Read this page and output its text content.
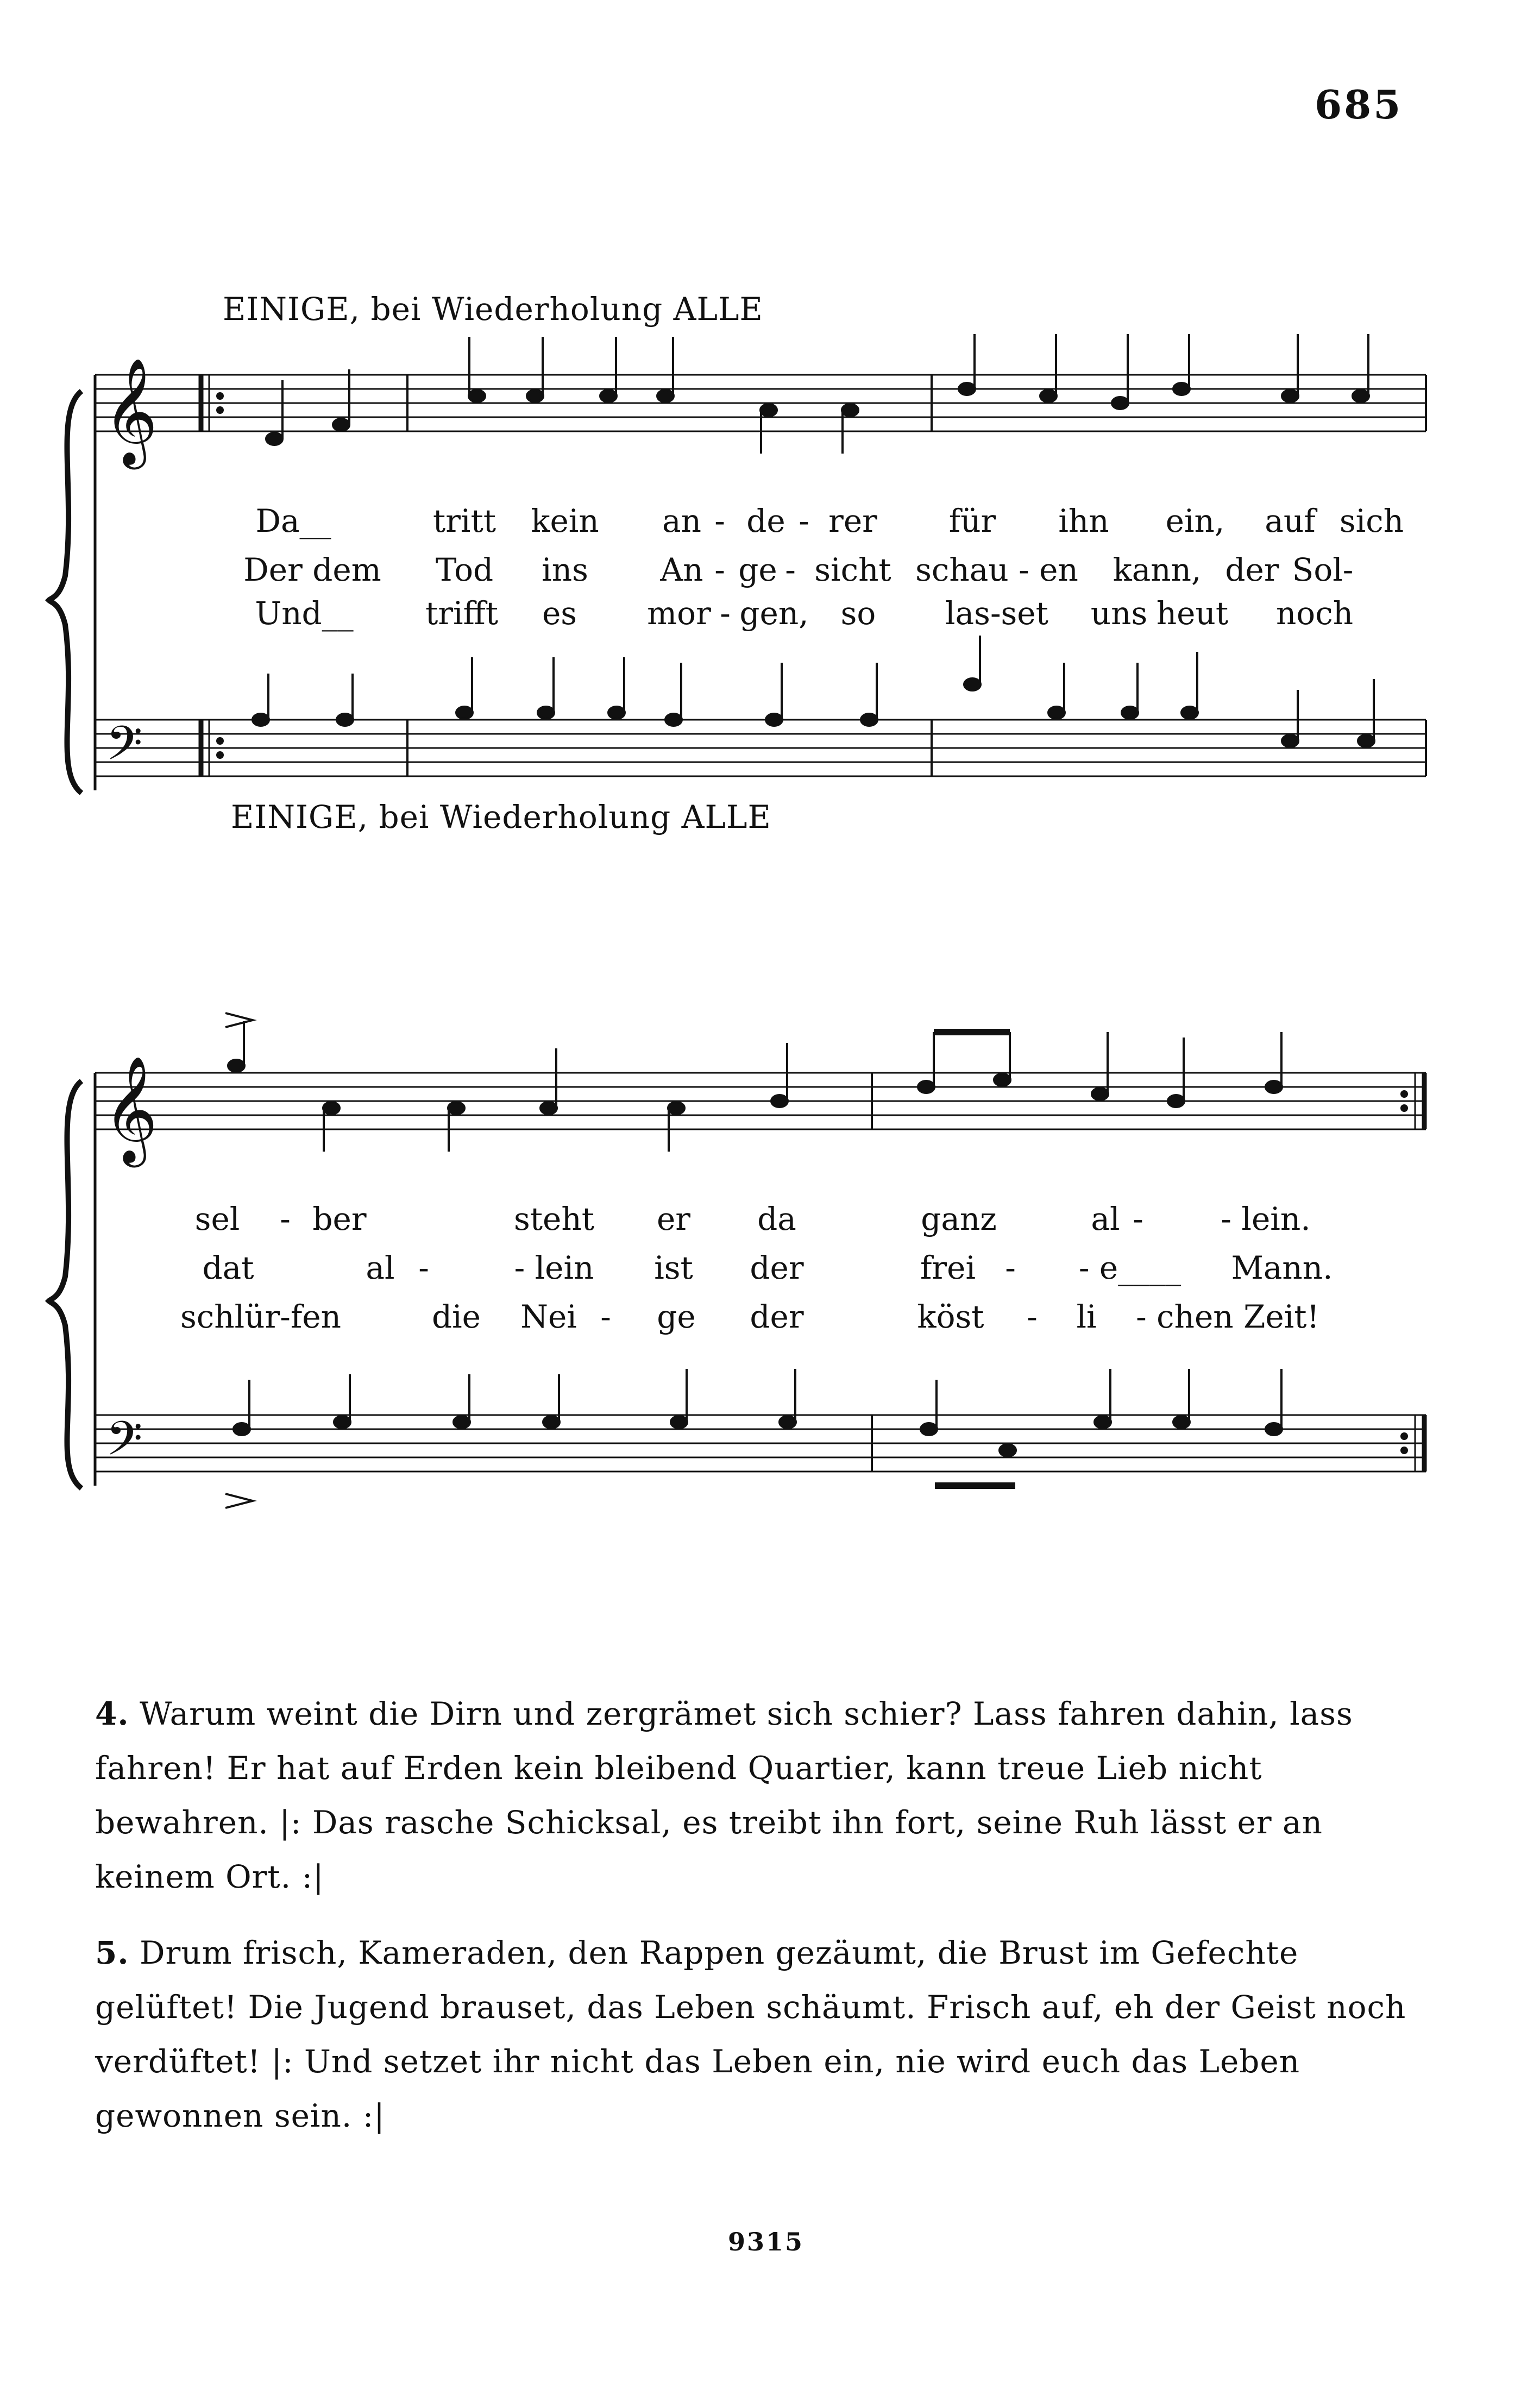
685
𝄞
𝄢
𝄞
𝄢
EINIGE, bei Wiederholung ALLE
EINIGE, bei Wiederholung ALLE
Da__	tritt kein an - de - rer für ihn ein, auf sich
Der dem Tod ins An - ge - sicht schau - en kann, der Sol-
Und__ trifft es mor - gen, so las-set uns heut noch
sel - ber	steht er da	ganz	al - - lein.
dat	al -	- lein ist der	frei - - e____ Mann.
schlür-fen	die Nei - ge der	köst - li - chen Zeit!

4. Warum weint die Dirn und zergrämet sich schier? Lass fahren dahin, lass fahren! Er hat auf Erden kein bleibend Quartier, kann treue Lieb nicht bewahren. |: Das rasche Schicksal, es treibt ihn fort, seine Ruh lässt er an keinem Ort. :|

5. Drum frisch, Kameraden, den Rappen gezäumt, die Brust im Gefechte gelüftet! Die Jugend brauset, das Leben schäumt. Frisch auf, eh der Geist noch verdüftet! |: Und setzet ihr nicht das Leben ein, nie wird euch das Leben gewonnen sein. :|

9315
